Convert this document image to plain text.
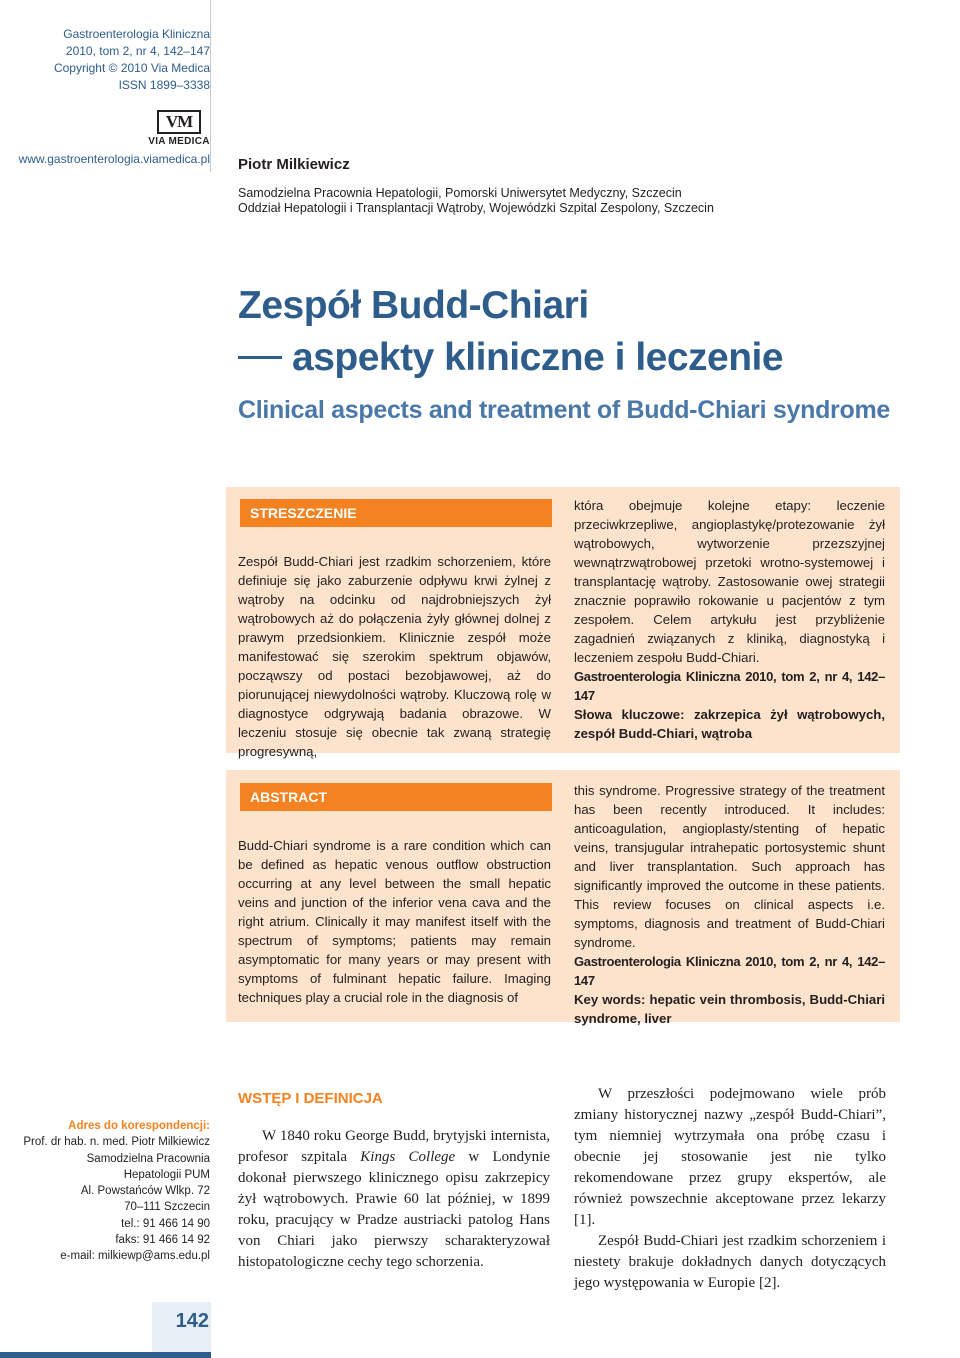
Gastroenterologia Kliniczna
2010, tom 2, nr 4, 142–147
Copyright © 2010 Via Medica
ISSN 1899–3338
VM
VIA MEDICA
www.gastroenterologia.viamedica.pl Piotr Milkiewicz
Samodzielna Pracownia Hepatologii, Pomorski Uniwersytet Medyczny, Szczecin
Oddział Hepatologii i Transplantacji Wątroby, Wojewódzki Szpital Zespolony, Szczecin
Zespół Budd-Chiari
aspekty kliniczne i leczenie
Clinical aspects and treatment of Budd-Chiari syndrome
STRESZCZENIE

Zespół Budd-Chiari jest rzadkim schorzeniem, które definiuje się jako zaburzenie odpływu krwi żylnej z wątroby na odcinku od najdrobniejszych żył wątrobowych aż do połączenia żyły głównej dolnej z prawym przedsionkiem. Klinicznie zespół może manifestować się szerokim spektrum objawów, począwszy od postaci bezobjawowej, aż do piorunującej niewydolności wątroby. Kluczową rolę w diagnostyce odgrywają badania obrazowe. W leczeniu stosuje się obecnie tak zwaną strategię progresywną,

która obejmuje kolejne etapy: leczenie przeciwkrzepliwe, angioplastykę/protezowanie żył wątrobowych, wytworzenie przezszyjnej wewnątrzwątrobowej przetoki wrotno-systemowej i transplantację wątroby. Zastosowanie owej strategii znacznie poprawiło rokowanie u pacjentów z tym zespołem. Celem artykułu jest przybliżenie zagadnień związanych z kliniką, diagnostyką i leczeniem zespołu Budd-Chiari.

Gastroenterologia Kliniczna 2010, tom 2, nr 4, 142–147

Słowa kluczowe: zakrzepica żył wątrobowych, zespół Budd-Chiari, wątroba

ABSTRACT

Budd-Chiari syndrome is a rare condition which can be defined as hepatic venous outflow obstruction occurring at any level between the small hepatic veins and junction of the inferior vena cava and the right atrium. Clinically it may manifest itself with the spectrum of symptoms; patients may remain asymptomatic for many years or may present with symptoms of fulminant hepatic failure. Imaging techniques play a crucial role in the diagnosis of

this syndrome. Progressive strategy of the treatment has been recently introduced. It includes: anticoagulation, angioplasty/stenting of hepatic veins, transjugular intrahepatic portosystemic shunt and liver transplantation. Such approach has significantly improved the outcome in these patients. This review focuses on clinical aspects i.e. symptoms, diagnosis and treatment of Budd-Chiari syndrome.

Gastroenterologia Kliniczna 2010, tom 2, nr 4, 142–147

Key words: hepatic vein thrombosis, Budd-Chiari syndrome, liver

Adres do korespondencji:
Prof. dr hab. n. med. Piotr Milkiewicz
Samodzielna Pracownia
Hepatologii PUM
Al. Powstańców Wlkp. 72
70–111 Szczecin
tel.: 91 466 14 90
faks: 91 466 14 92
e-mail: milkiewp@ams.edu.pl
WSTĘP I DEFINICJA

W 1840 roku George Budd, brytyjski internista, profesor szpitala Kings College w Londynie dokonał pierwszego klinicznego opisu zakrzepicy żył wątrobowych. Prawie 60 lat później, w 1899 roku, pracujący w Pradze austriacki patolog Hans von Chiari jako pierwszy scharakteryzował histopatologiczne cechy tego schorzenia.

W przeszłości podejmowano wiele prób zmiany historycznej nazwy „zespół Budd-Chiari”, tym niemniej wytrzymała ona próbę czasu i obecnie jej stosowanie jest nie tylko rekomendowane przez grupy ekspertów, ale również powszechnie akceptowane przez lekarzy [1].

Zespół Budd-Chiari jest rzadkim schorzeniem i niestety brakuje dokładnych danych dotyczących jego występowania w Europie [2].

142
